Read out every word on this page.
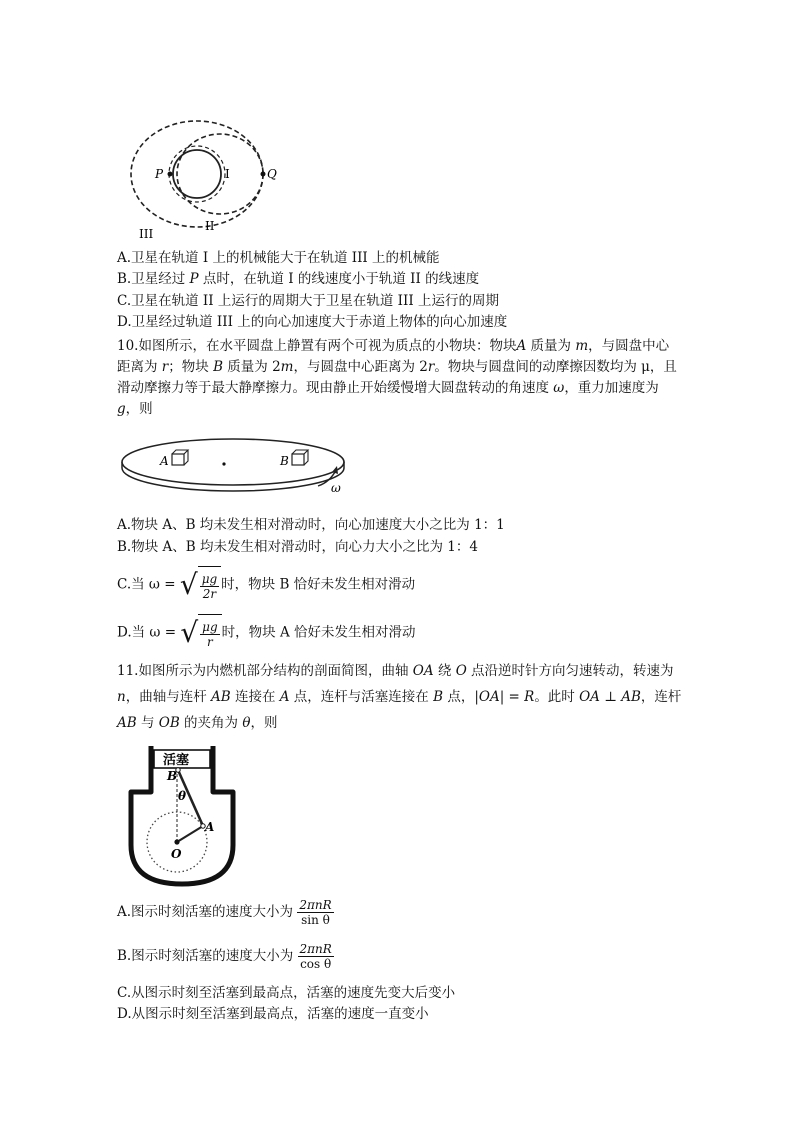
P	Q
I
II
III
A.卫星在轨道 I 上的机械能大于在轨道 III 上的机械能
B.卫星经过 P 点时，在轨道 I 的线速度小于轨道 II 的线速度
C.卫星在轨道 II 上运行的周期大于卫星在轨道 III 上运行的周期
D.卫星经过轨道 III 上的向心加速度大于赤道上物体的向心加速度
10.如图所示，在水平圆盘上静置有两个可视为质点的小物块：物块A 质量为 m，与圆盘中心距离为 r；物块 B 质量为 2m，与圆盘中心距离为 2r。物块与圆盘间的动摩擦因数均为 μ，且滑动摩擦力等于最大静摩擦力。现由静止开始缓慢增大圆盘转动的角速度 ω，重力加速度为 g，则
A	B
ω
A.物块 A、B 均未发生相对滑动时，向心加速度大小之比为 1：1
B.物块 A、B 均未发生相对滑动时，向心力大小之比为 1：4
C.当 ω = √ $\frac{\mu g}{2r}$ 时，物块 B 恰好未发生相对滑动
D.当 ω = √ $\frac{\mu g}{r}$ 时，物块 A 恰好未发生相对滑动
11.如图所示为内燃机部分结构的剖面简图，曲轴 OA 绕 O 点沿逆时针方向匀速转动，转速为 n，曲轴与连杆 AB 连接在 A 点，连杆与活塞连接在 B 点，|OA| = R。此时 OA ⊥ AB，连杆 AB 与 OB 的夹角为 θ，则
活塞
B
θ
A
O
A.图示时刻活塞的速度大小为 $\frac{\text{2πnR}}{\text{sin θ}}$
B.图示时刻活塞的速度大小为 $\frac{\text{2πnR}}{\text{cos θ}}$
C.从图示时刻至活塞到最高点，活塞的速度先变大后变小
D.从图示时刻至活塞到最高点，活塞的速度一直变小
